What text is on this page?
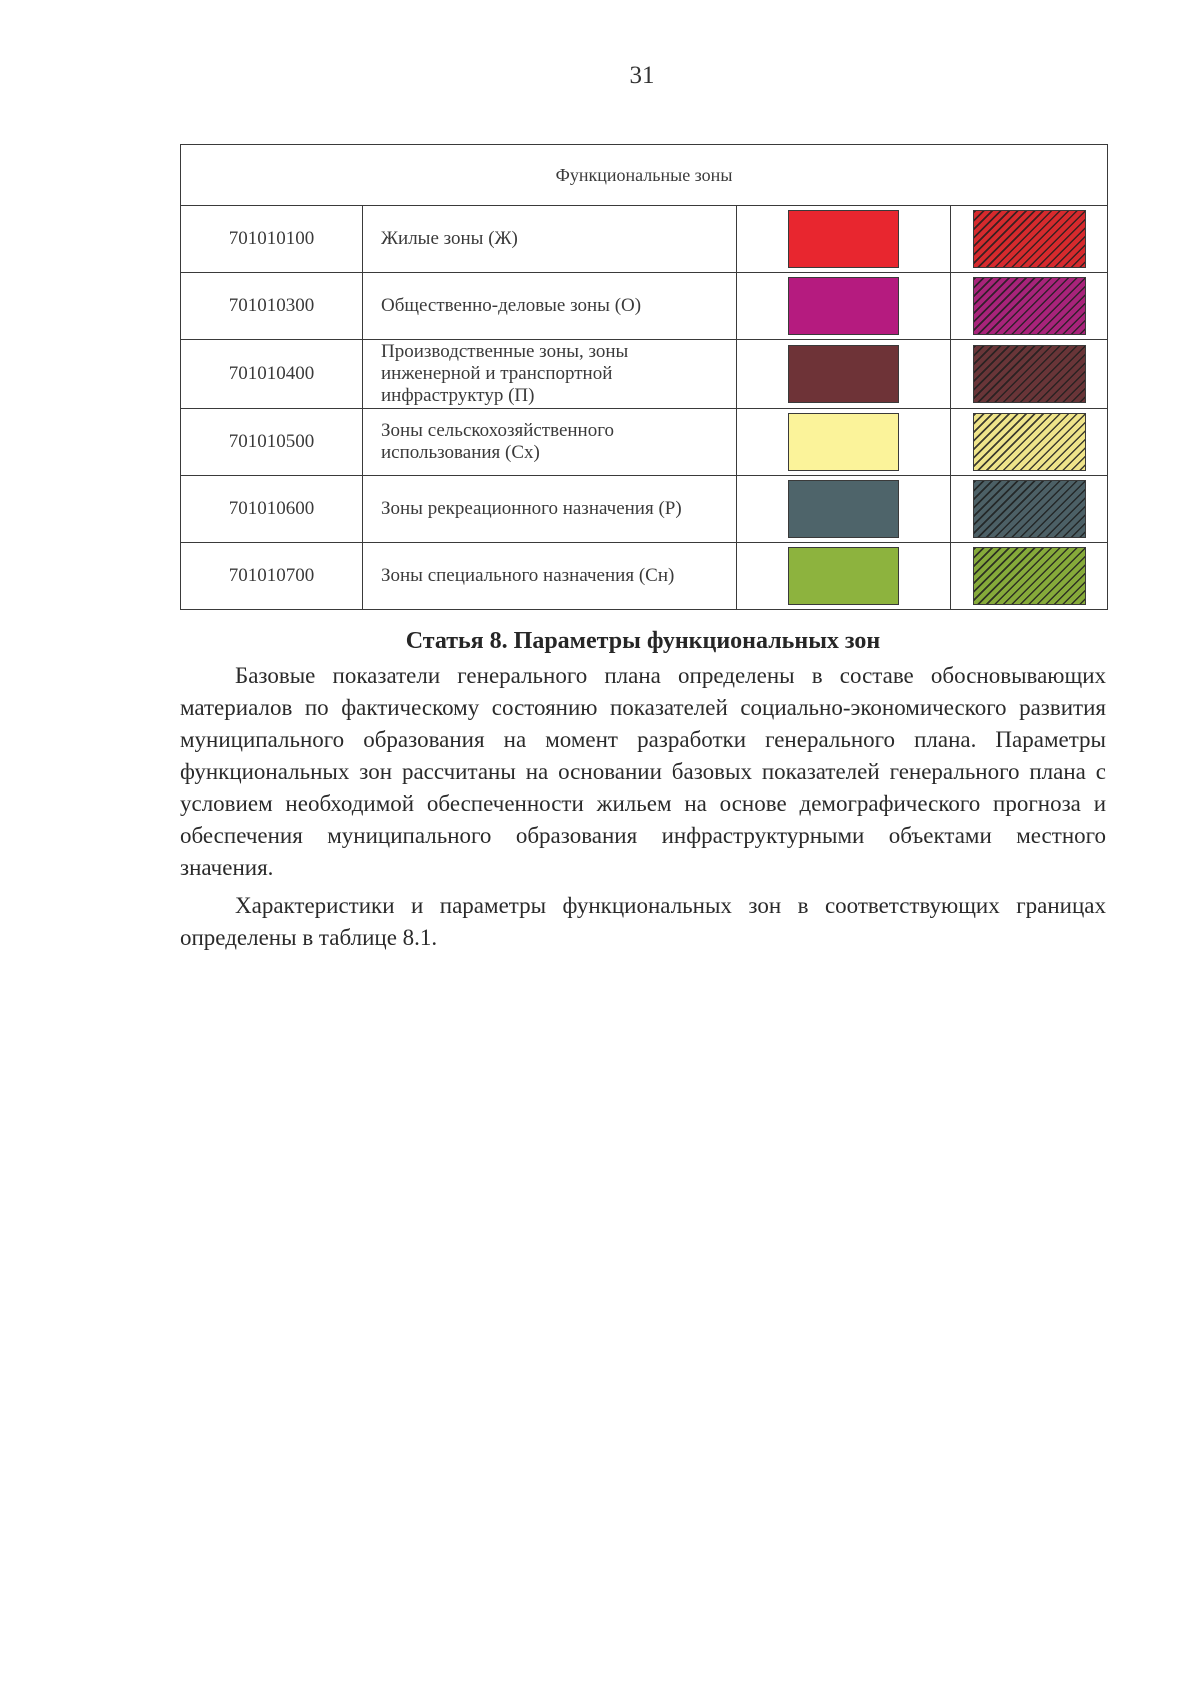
31
Функциональные зоны			
701010100	Жилые зоны (Ж)		
701010300	Общественно-деловые зоны (О)		
701010400	Производственные зоны, зоны инженерной и транспортной инфраструктур (П)		
701010500	Зоны сельскохозяйственного использования (Сх)		
701010600	Зоны рекреационного назначения (Р)		
701010700	Зоны специального назначения (Сн)		
Статья 8. Параметры функциональных зон

Базовые показатели генерального плана определены в составе обосновывающих материалов по фактическому состоянию показателей социально-экономического развития муниципального образования на момент разработки генерального плана. Параметры функциональных зон рассчитаны на основании базовых показателей генерального плана с условием необходимой обеспеченности жильем на основе демографического прогноза и обеспечения муниципального образования инфраструктурными объектами местного значения.

Характеристики и параметры функциональных зон в соответствующих границах определены в таблице 8.1.
